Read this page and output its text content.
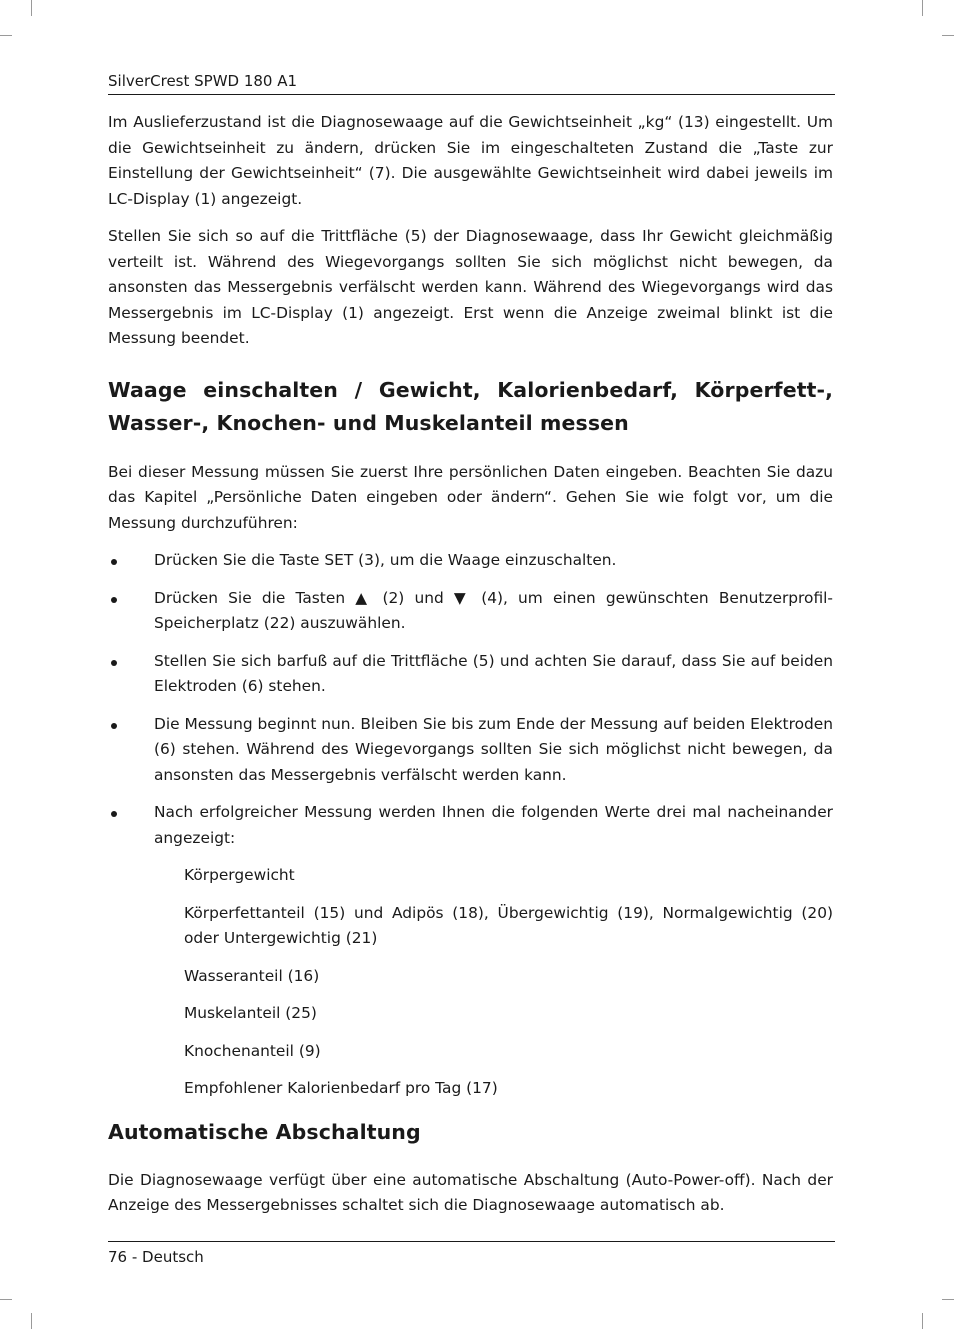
SilverCrest SPWD 180 A1

Im Auslieferzustand ist die Diagnosewaage auf die Gewichtseinheit „kg“ (13) eingestellt. Um die Gewichtseinheit zu ändern, drücken Sie im eingeschalteten Zustand die „Taste zur Einstellung der Gewichtseinheit“ (7). Die ausgewählte Gewichtseinheit wird dabei jeweils im LC-Display (1) angezeigt.

Stellen Sie sich so auf die Trittfläche (5) der Diagnosewaage, dass Ihr Gewicht gleichmäßig verteilt ist. Während des Wiegevorgangs sollten Sie sich möglichst nicht bewegen, da ansonsten das Messergebnis verfälscht werden kann. Während des Wiegevorgangs wird das Messergebnis im LC-Display (1) angezeigt. Erst wenn die Anzeige zweimal blinkt ist die Messung beendet.

Waage einschalten / Gewicht, Kalorienbedarf, Körperfett-, Wasser-, Knochen- und Muskelanteil messen

Bei dieser Messung müssen Sie zuerst Ihre persönlichen Daten eingeben. Beachten Sie dazu das Kapitel „Persönliche Daten eingeben oder ändern“. Gehen Sie wie folgt vor, um die Messung durchzuführen:

Drücken Sie die Taste SET (3), um die Waage einzuschalten.
Drücken Sie die Tasten ▲ (2) und ▼ (4), um einen gewünschten Benutzerprofil-Speicherplatz (22) auszuwählen.
Stellen Sie sich barfuß auf die Trittfläche (5) und achten Sie darauf, dass Sie auf beiden Elektroden (6) stehen.
Die Messung beginnt nun. Bleiben Sie bis zum Ende der Messung auf beiden Elektroden (6) stehen. Während des Wiegevorgangs sollten Sie sich möglichst nicht bewegen, da ansonsten das Messergebnis verfälscht werden kann.
Nach erfolgreicher Messung werden Ihnen die folgenden Werte drei mal nacheinander angezeigt:
Körpergewicht
Körperfettanteil (15) und Adipös (18), Übergewichtig (19), Normalgewichtig (20) oder Untergewichtig (21)
Wasseranteil (16)
Muskelanteil (25)
Knochenanteil (9)
Empfohlener Kalorienbedarf pro Tag (17)
Automatische Abschaltung

Die Diagnosewaage verfügt über eine automatische Abschaltung (Auto-Power-off). Nach der Anzeige des Messergebnisses schaltet sich die Diagnosewaage automatisch ab.

76 - Deutsch
